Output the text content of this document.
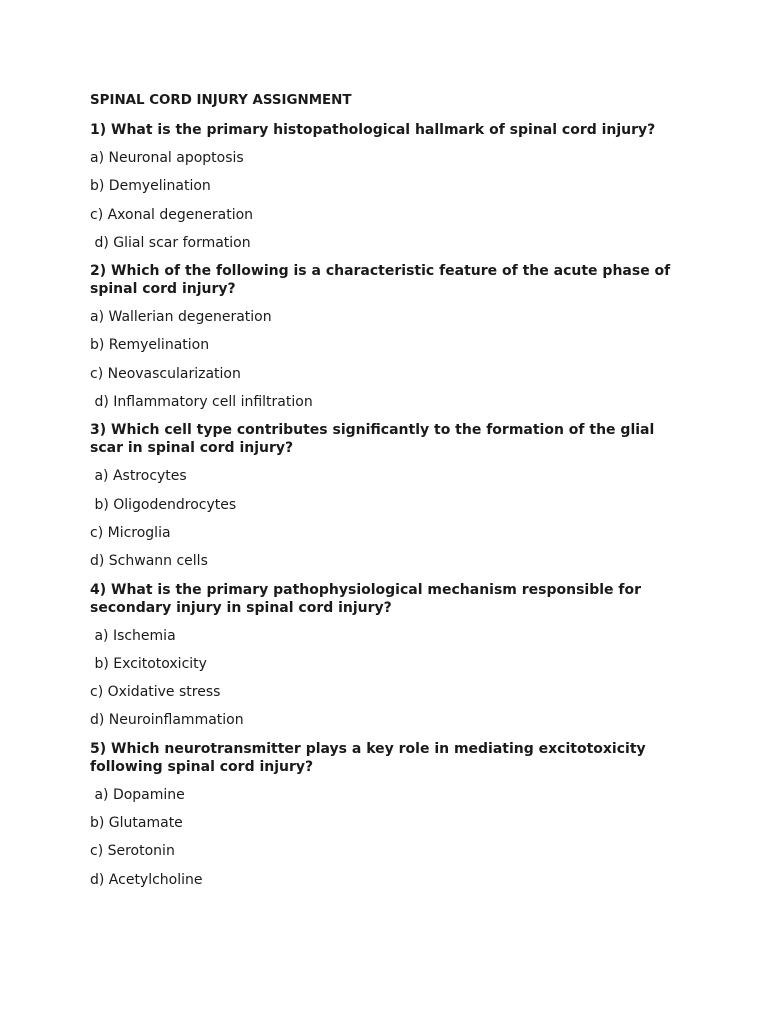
SPINAL CORD INJURY ASSIGNMENT
1) What is the primary histopathological hallmark of spinal cord injury?
a) Neuronal apoptosis
b) Demyelination
c) Axonal degeneration
d) Glial scar formation
2) Which of the following is a characteristic feature of the acute phase of spinal cord injury?
a) Wallerian degeneration
b) Remyelination
c) Neovascularization
d) Inflammatory cell infiltration
3) Which cell type contributes significantly to the formation of the glial scar in spinal cord injury?
a) Astrocytes
b) Oligodendrocytes
c) Microglia
d) Schwann cells
4) What is the primary pathophysiological mechanism responsible for secondary injury in spinal cord injury?
a) Ischemia
b) Excitotoxicity
c) Oxidative stress
d) Neuroinflammation
5) Which neurotransmitter plays a key role in mediating excitotoxicity following spinal cord injury?
a) Dopamine
b) Glutamate
c) Serotonin
d) Acetylcholine
